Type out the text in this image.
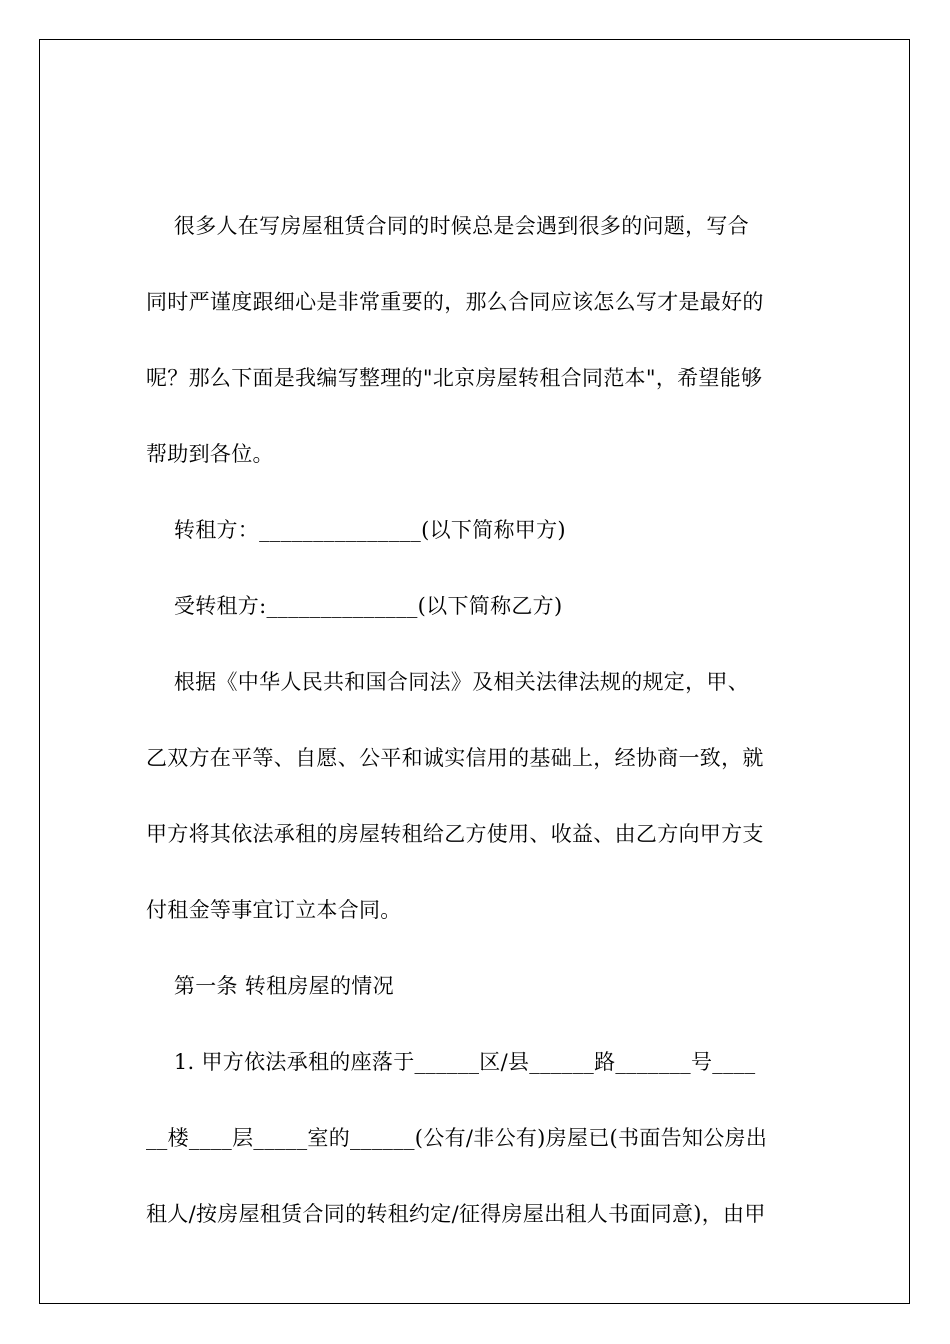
很多人在写房屋租赁合同的时候总是会遇到很多的问题，写合
同时严谨度跟细心是非常重要的，那么合同应该怎么写才是最好的
呢？那么下面是我编写整理的"北京房屋转租合同范本"，希望能够
帮助到各位。
转租方：_______________(以下简称甲方)
受转租方:______________(以下简称乙方)
根据《中华人民共和国合同法》及相关法律法规的规定，甲、
乙双方在平等、自愿、公平和诚实信用的基础上，经协商一致，就
甲方将其依法承租的房屋转租给乙方使用、收益、由乙方向甲方支
付租金等事宜订立本合同。
第一条 转租房屋的情况
1. 甲方依法承租的座落于______区/县______路_______号____
__楼____层_____室的______(公有/非公有)房屋已(书面告知公房出
租人/按房屋租赁合同的转租约定/征得房屋出租人书面同意)，由甲
